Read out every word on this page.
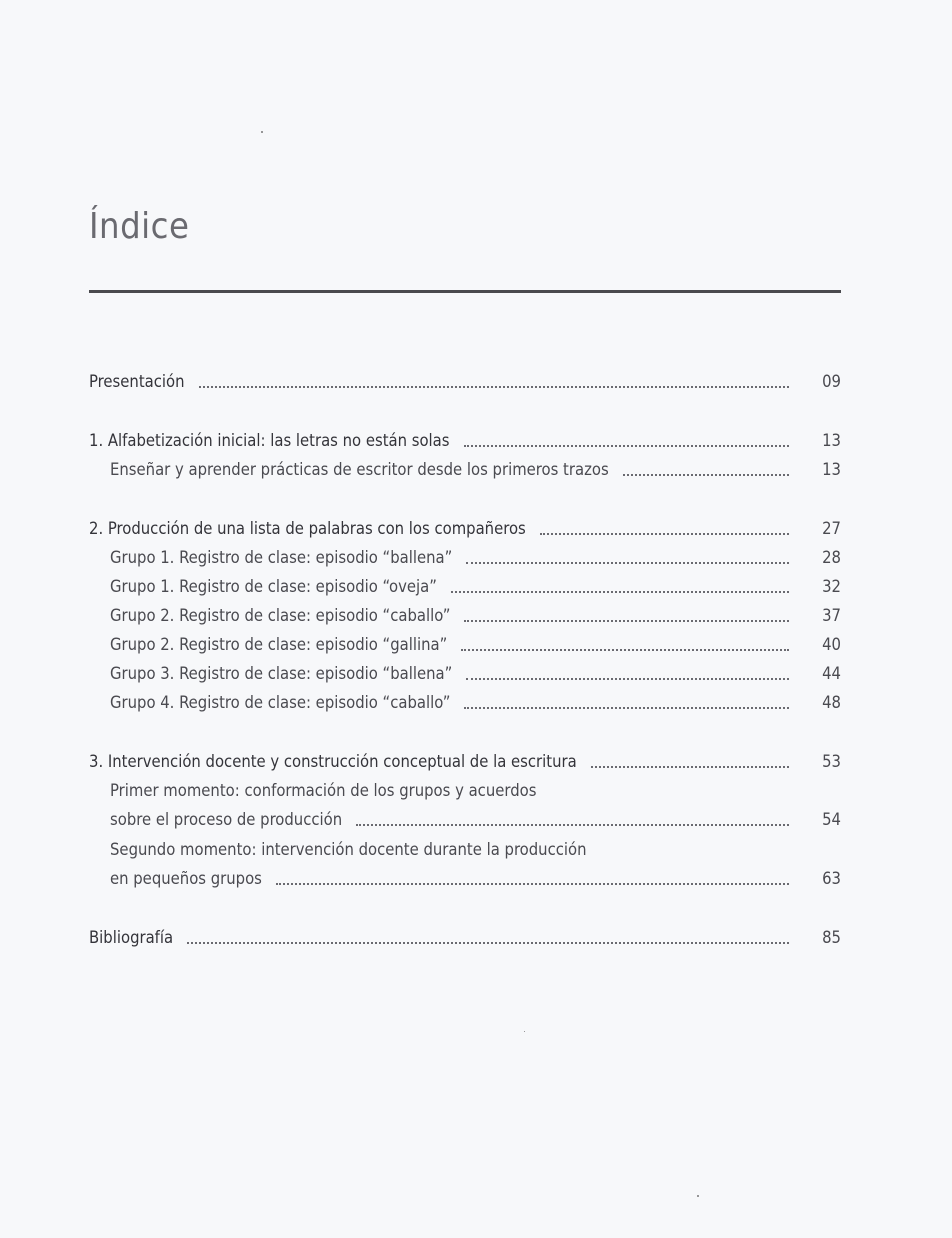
Índice
Presentación	09
1. Alfabetización inicial: las letras no están solas	13
Enseñar y aprender prácticas de escritor desde los primeros trazos	13
2. Producción de una lista de palabras con los compañeros	27
Grupo 1. Registro de clase: episodio “ballena”	28
Grupo 1. Registro de clase: episodio “oveja”	32
Grupo 2. Registro de clase: episodio “caballo”	37
Grupo 2. Registro de clase: episodio “gallina”	40
Grupo 3. Registro de clase: episodio “ballena”	44
Grupo 4. Registro de clase: episodio “caballo”	48
3. Intervención docente y construcción conceptual de la escritura	53
Primer momento: conformación de los grupos y acuerdos
sobre el proceso de producción	54
Segundo momento: intervención docente durante la producción
en pequeños grupos	63
Bibliografía	85
